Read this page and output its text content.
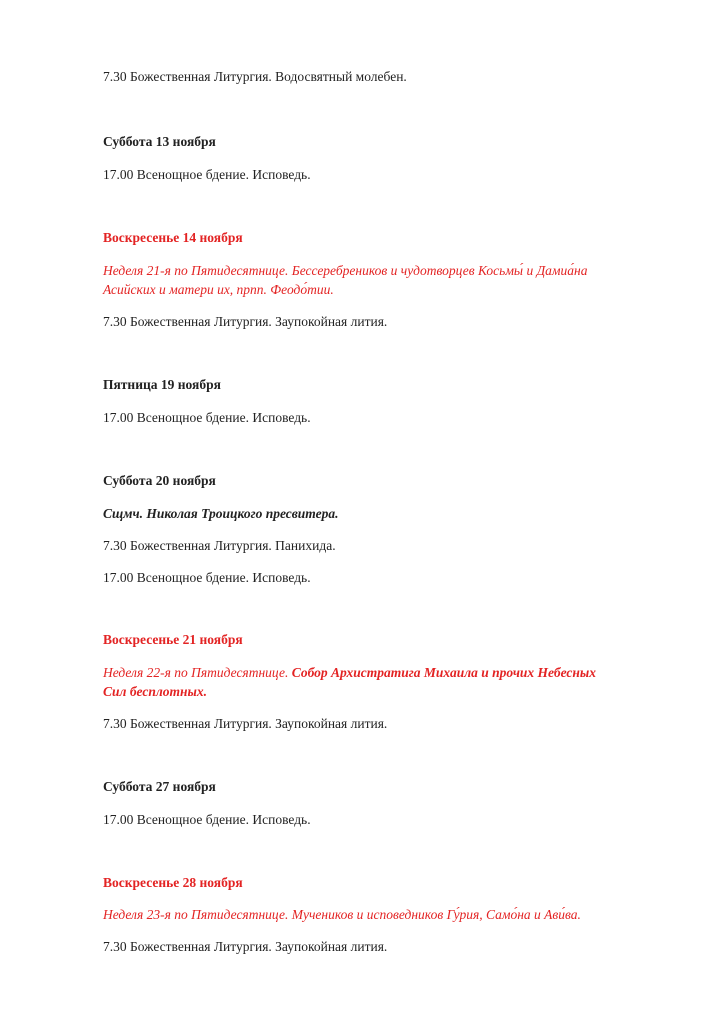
7.30 Божественная Литургия. Водосвятный молебен.
Суббота 13 ноября
17.00 Всенощное бдение. Исповедь.
Воскресенье 14 ноября
Неделя 21-я по Пятидесятнице. Бессеребреников и чудотворцев Косьмы́ и Дамиа́на
Асийских и матери их, прпп. Феодо́тии.
7.30 Божественная Литургия. Заупокойная лития.
Пятница 19 ноября
17.00 Всенощное бдение. Исповедь.
Суббота 20 ноября
Сщмч. Николая Троицкого пресвитера.
7.30 Божественная Литургия. Панихида.
17.00 Всенощное бдение. Исповедь.
Воскресенье 21 ноября
Неделя 22-я по Пятидесятнице. Собор Архистратига Михаила и прочих Небесных
Сил бесплотных.
7.30 Божественная Литургия. Заупокойная лития.
Суббота 27 ноября
17.00 Всенощное бдение. Исповедь.
Воскресенье 28 ноября
Неделя 23-я по Пятидесятнице. Мучеников и исповедников Гу́рия, Само́на и Ави́ва.
7.30 Божественная Литургия. Заупокойная лития.
